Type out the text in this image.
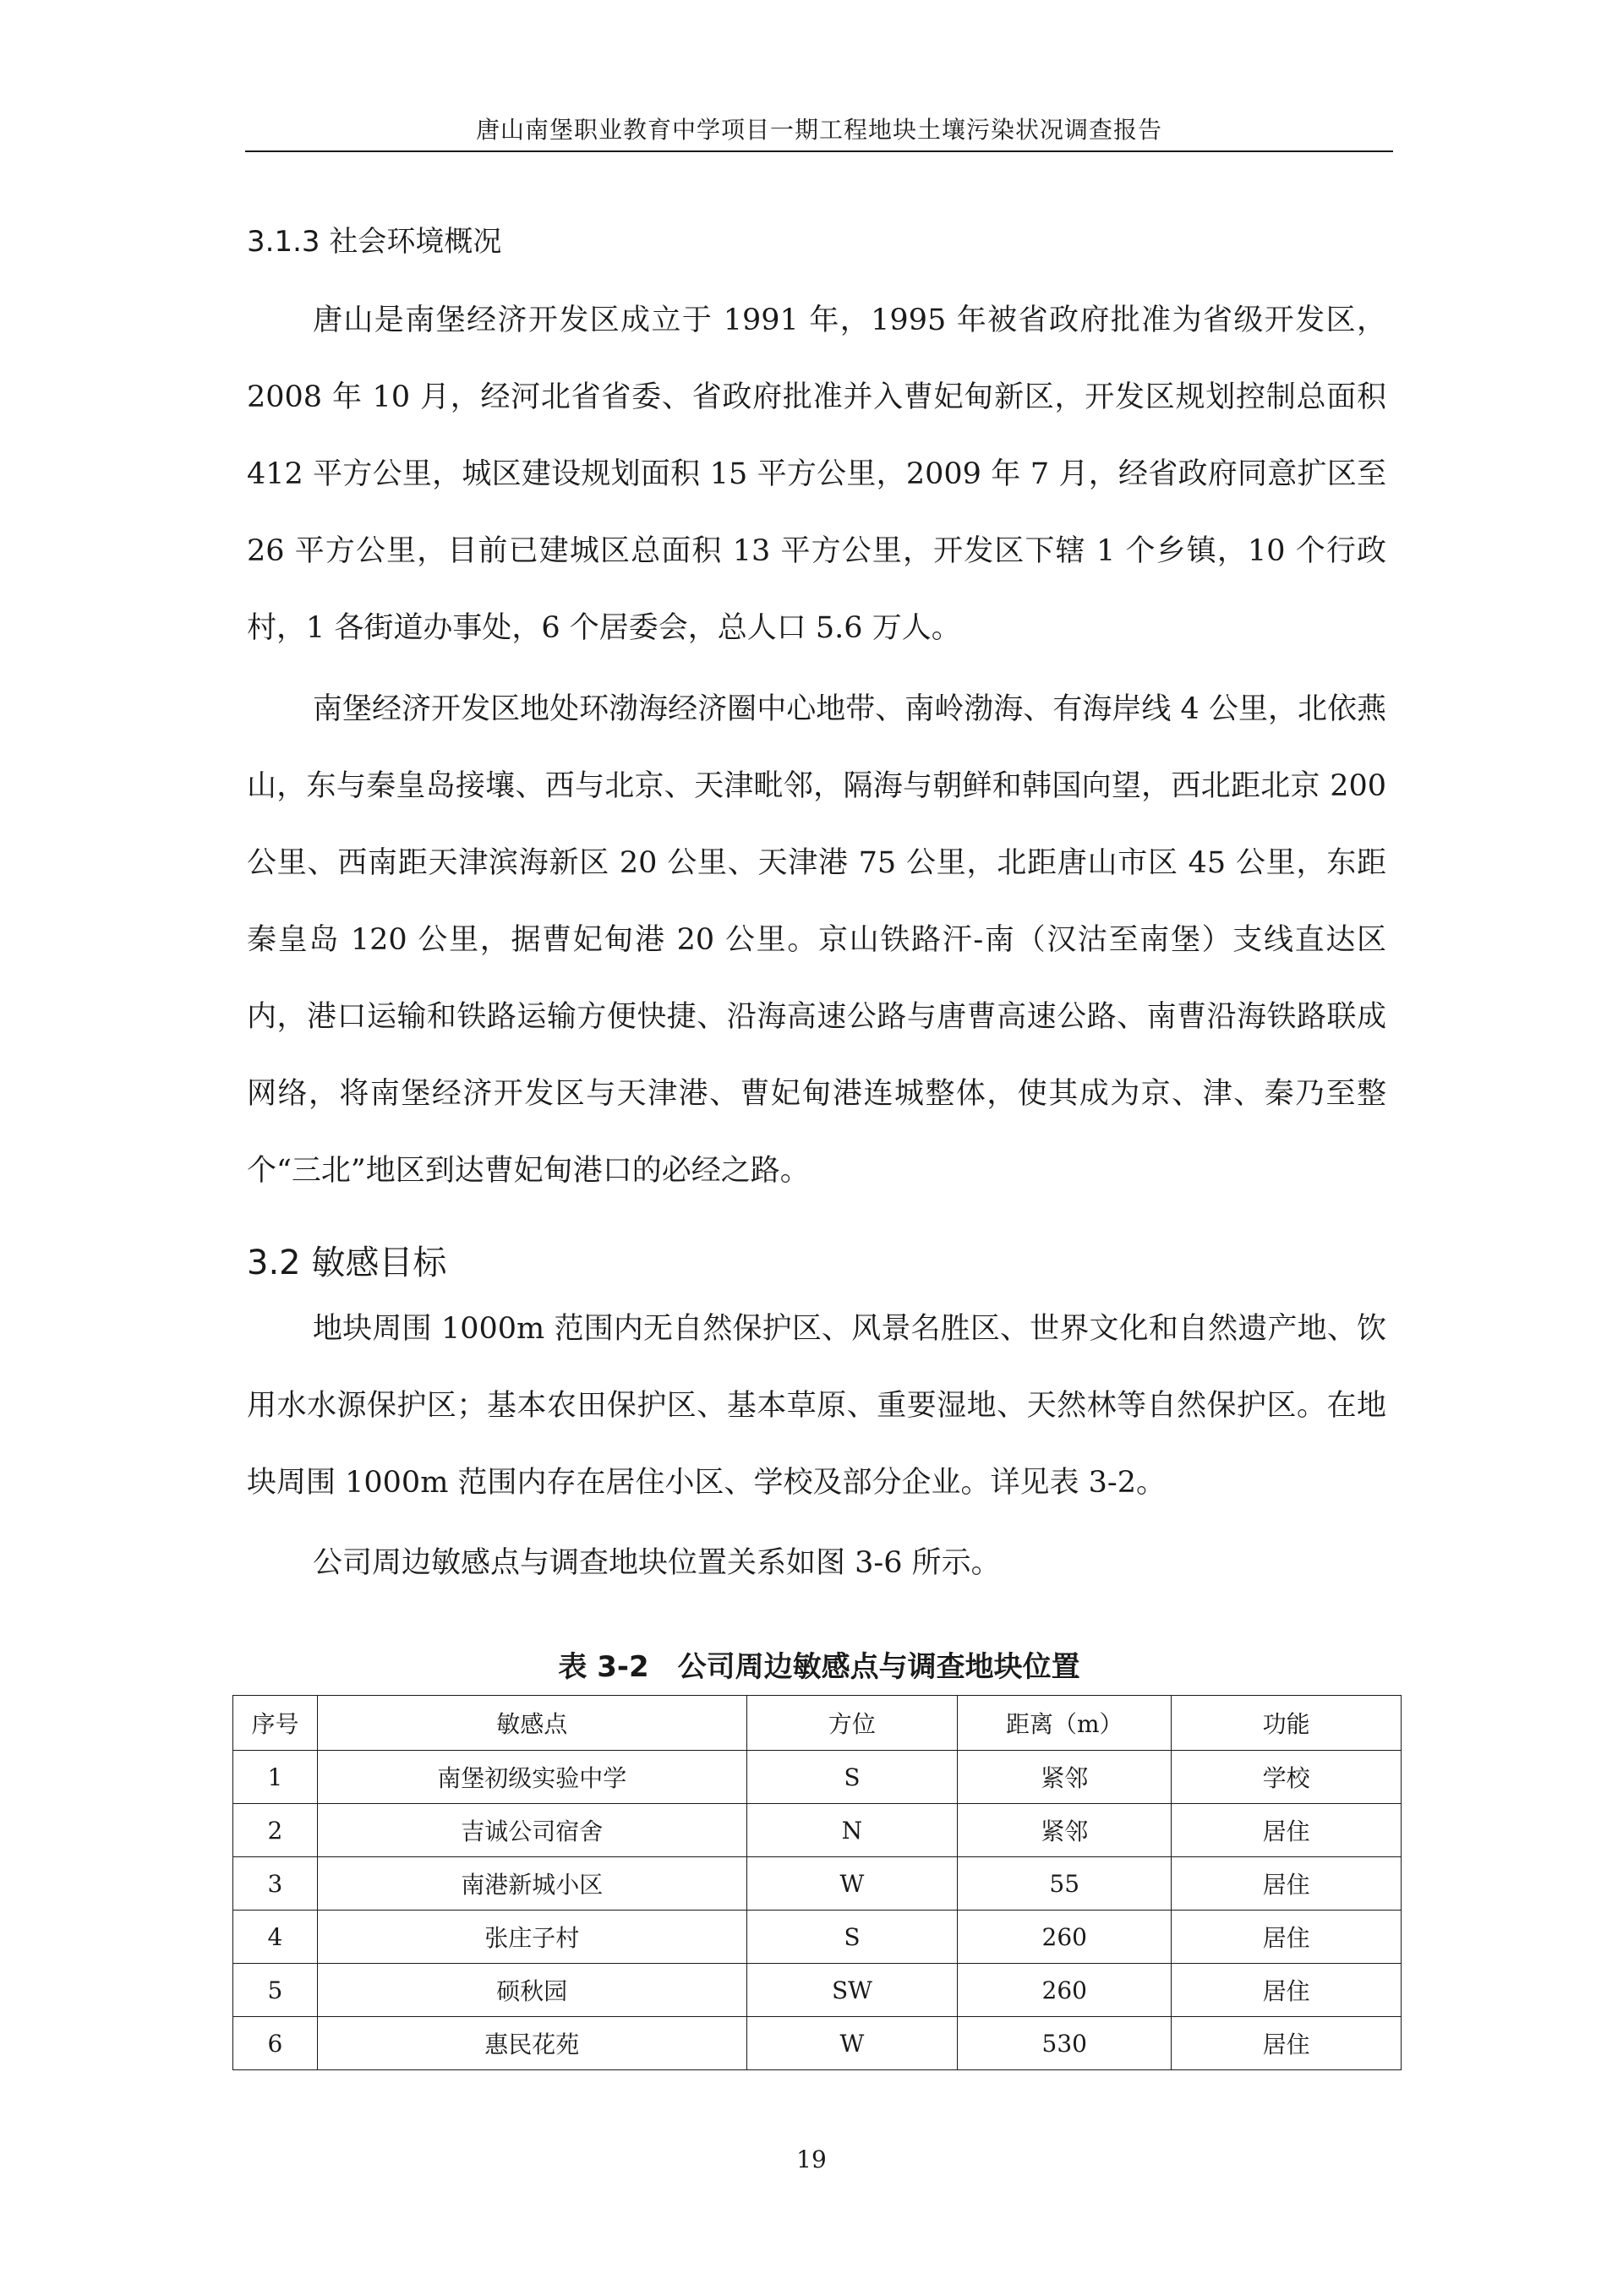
唐山南堡职业教育中学项目一期工程地块土壤污染状况调查报告
3.1.3 社会环境概况

唐山是南堡经济开发区成立于 1991 年，1995 年被省政府批准为省级开发区，2008 年 10 月，经河北省省委、省政府批准并入曹妃甸新区，开发区规划控制总面积 412 平方公里，城区建设规划面积 15 平方公里，2009 年 7 月，经省政府同意扩区至 26 平方公里，目前已建城区总面积 13 平方公里，开发区下辖 1 个乡镇，10 个行政村，1 各街道办事处，6 个居委会，总人口 5.6 万人。

南堡经济开发区地处环渤海经济圈中心地带、南岭渤海、有海岸线 4 公里，北依燕山，东与秦皇岛接壤、西与北京、天津毗邻，隔海与朝鲜和韩国向望，西北距北京 200 公里、西南距天津滨海新区 20 公里、天津港 75 公里，北距唐山市区 45 公里，东距秦皇岛 120 公里，据曹妃甸港 20 公里。京山铁路汗-南（汉沽至南堡）支线直达区内，港口运输和铁路运输方便快捷、沿海高速公路与唐曹高速公路、南曹沿海铁路联成网络，将南堡经济开发区与天津港、曹妃甸港连城整体，使其成为京、津、秦乃至整个“三北”地区到达曹妃甸港口的必经之路。

3.2 敏感目标

地块周围 1000m 范围内无自然保护区、风景名胜区、世界文化和自然遗产地、饮用水水源保护区；基本农田保护区、基本草原、重要湿地、天然林等自然保护区。在地块周围 1000m 范围内存在居住小区、学校及部分企业。详见表 3-2。

公司周边敏感点与调查地块位置关系如图 3-6 所示。

表 3-2　公司周边敏感点与调查地块位置
序号	敏感点	方位	距离（m）	功能
1	南堡初级实验中学	S	紧邻	学校
2	吉诚公司宿舍	N	紧邻	居住
3	南港新城小区	W	55	居住
4	张庄子村	S	260	居住
5	硕秋园	SW	260	居住
6	惠民花苑	W	530	居住
19
